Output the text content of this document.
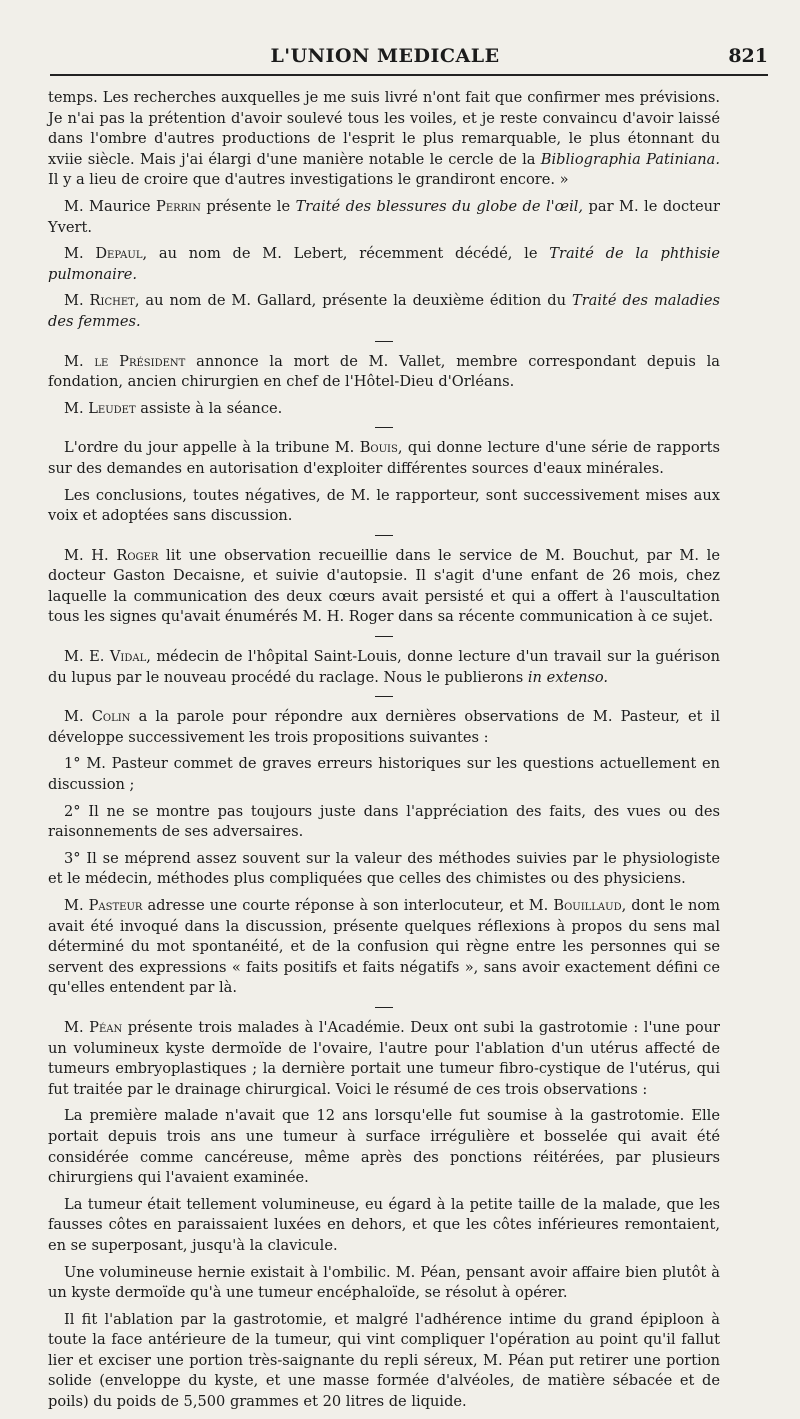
L'UNION MEDICALE	821

temps. Les recherches auxquelles je me suis livré n'ont fait que confirmer mes prévisions. Je n'ai pas la prétention d'avoir soulevé tous les voiles, et je reste convaincu d'avoir laissé dans l'ombre d'autres productions de l'esprit le plus remarquable, le plus étonnant du xviie siècle. Mais j'ai élargi d'une manière notable le cercle de la Bibliographia Patiniana. Il y a lieu de croire que d'autres investigations le grandiront encore. »

M. Maurice Perrin présente le Traité des blessures du globe de l'œil, par M. le docteur Yvert.

M. Depaul, au nom de M. Lebert, récemment décédé, le Traité de la phthisie pulmonaire.

M. Richet, au nom de M. Gallard, présente la deuxième édition du Traité des maladies des femmes.

M. le Président annonce la mort de M. Vallet, membre correspondant depuis la fondation, ancien chirurgien en chef de l'Hôtel-Dieu d'Orléans.

M. Leudet assiste à la séance.

L'ordre du jour appelle à la tribune M. Bouis, qui donne lecture d'une série de rapports sur des demandes en autorisation d'exploiter différentes sources d'eaux minérales.

Les conclusions, toutes négatives, de M. le rapporteur, sont successivement mises aux voix et adoptées sans discussion.

M. H. Roger lit une observation recueillie dans le service de M. Bouchut, par M. le docteur Gaston Decaisne, et suivie d'autopsie. Il s'agit d'une enfant de 26 mois, chez laquelle la communication des deux cœurs avait persisté et qui a offert à l'auscultation tous les signes qu'avait énumérés M. H. Roger dans sa récente communication à ce sujet.

M. E. Vidal, médecin de l'hôpital Saint-Louis, donne lecture d'un travail sur la guérison du lupus par le nouveau procédé du raclage. Nous le publierons in extenso.

M. Colin a la parole pour répondre aux dernières observations de M. Pasteur, et il développe successivement les trois propositions suivantes :

1° M. Pasteur commet de graves erreurs historiques sur les questions actuellement en discussion ;

2° Il ne se montre pas toujours juste dans l'appréciation des faits, des vues ou des raisonnements de ses adversaires.

3° Il se méprend assez souvent sur la valeur des méthodes suivies par le physiologiste et le médecin, méthodes plus compliquées que celles des chimistes ou des physiciens.

M. Pasteur adresse une courte réponse à son interlocuteur, et M. Bouillaud, dont le nom avait été invoqué dans la discussion, présente quelques réflexions à propos du sens mal déterminé du mot spontanéité, et de la confusion qui règne entre les personnes qui se servent des expressions « faits positifs et faits négatifs », sans avoir exactement défini ce qu'elles entendent par là.

M. Péan présente trois malades à l'Académie. Deux ont subi la gastrotomie : l'une pour un volumineux kyste dermoïde de l'ovaire, l'autre pour l'ablation d'un utérus affecté de tumeurs embryoplastiques ; la dernière portait une tumeur fibro-cystique de l'utérus, qui fut traitée par le drainage chirurgical. Voici le résumé de ces trois observations :

La première malade n'avait que 12 ans lorsqu'elle fut soumise à la gastrotomie. Elle portait depuis trois ans une tumeur à surface irrégulière et bosselée qui avait été considérée comme cancéreuse, même après des ponctions réitérées, par plusieurs chirurgiens qui l'avaient examinée.

La tumeur était tellement volumineuse, eu égard à la petite taille de la malade, que les fausses côtes en paraissaient luxées en dehors, et que les côtes inférieures remontaient, en se superposant, jusqu'à la clavicule.

Une volumineuse hernie existait à l'ombilic. M. Péan, pensant avoir affaire bien plutôt à un kyste dermoïde qu'à une tumeur encéphaloïde, se résolut à opérer.

Il fit l'ablation par la gastrotomie, et malgré l'adhérence intime du grand épiploon à toute la face antérieure de la tumeur, qui vint compliquer l'opération au point qu'il fallut lier et exciser une portion très-saignante du repli séreux, M. Péan put retirer une portion solide (enveloppe du kyste, et une masse formée d'alvéoles, de matière sébacée et de poils) du poids de 5,500 grammes et 20 litres de liquide.
